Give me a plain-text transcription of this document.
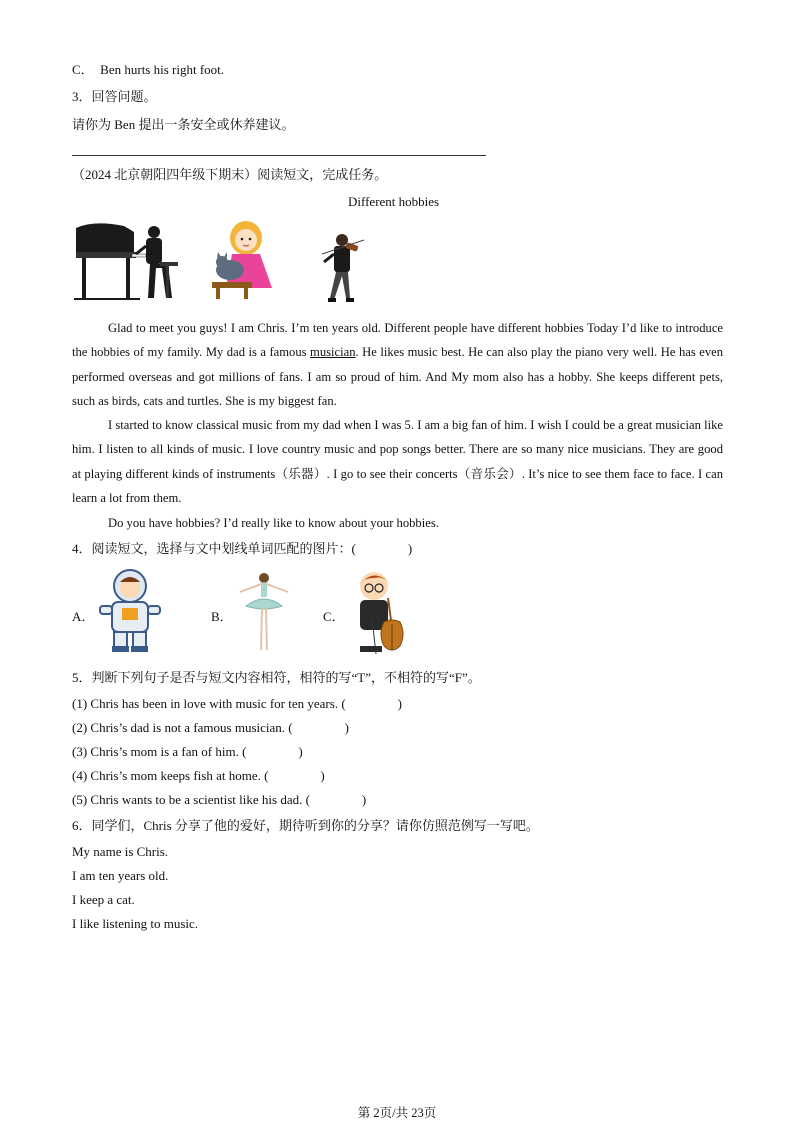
C．　Ben hurts his right foot.
3．回答问题。
请你为 Ben 提出一条安全或休养建议。
（2024 北京朝阳四年级下期末）阅读短文，完成任务。
Different hobbies
Glad to meet you guys! I am Chris. I’m ten years old. Different people have different hobbies Today I’d like to introduce the hobbies of my family. My dad is a famous musician. He likes music best. He can also play the piano very well. He has even performed overseas and got millions of fans. I am so proud of him. And My mom also has a hobby. She keeps different pets, such as birds, cats and turtles. She is my biggest fan.
I started to know classical music from my dad when I was 5. I am a big fan of him. I wish I could be a great musician like him. I listen to all kinds of music. I love country music and pop songs better. There are so many nice musicians. They are good at playing different kinds of instruments（乐器）. I go to see their concerts（音乐会）. It’s nice to see them face to face. I can learn a lot from them.
Do you have hobbies? I’d really like to know about your hobbies.
4．阅读短文，选择与文中划线单词匹配的图片：(　　　　)
A．	B．	C．
5．判断下列句子是否与短文内容相符，相符的写“T”，不相符的写“F”。
(1) Chris has been in love with music for ten years. (　　　　)
(2) Chris’s dad is not a famous musician. (　　　　)
(3) Chris’s mom is a fan of him. (　　　　)
(4) Chris’s mom keeps fish at home. (　　　　)
(5) Chris wants to be a scientist like his dad. (　　　　)
6．同学们，Chris 分享了他的爱好，期待听到你的分享？请你仿照范例写一写吧。
My name is Chris.
I am ten years old.
I keep a cat.
I like listening to music.
第 2页/共 23页
